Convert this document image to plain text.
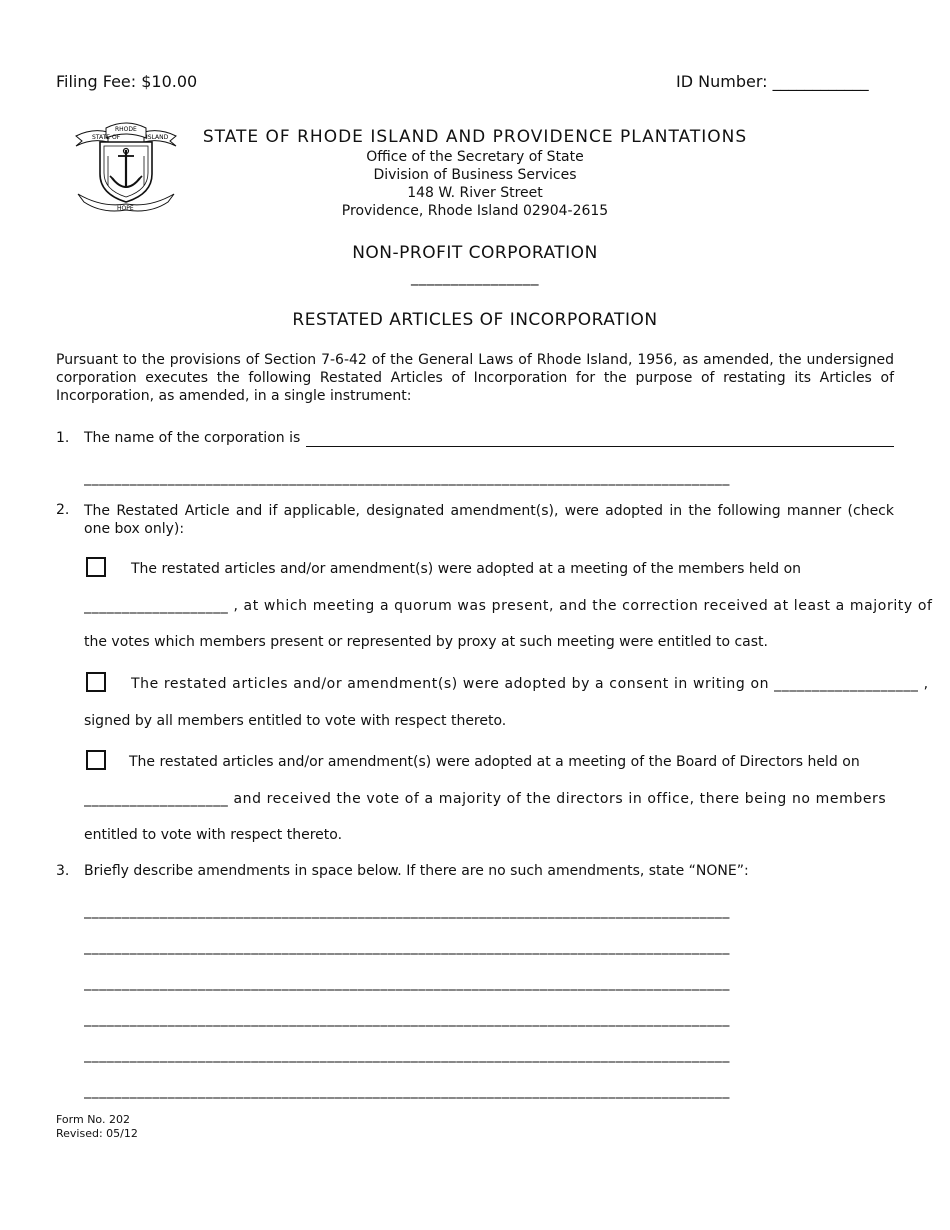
Filing Fee: $10.00	ID Number: ____________
STATE OF
RHODE
ISLAND
HOPE
STATE OF RHODE ISLAND AND PROVIDENCE PLANTATIONS
Office of the Secretary of State
Division of Business Services
148 W. River Street
Providence, Rhode Island 02904-2615
NON-PROFIT CORPORATION
________________
RESTATED ARTICLES OF INCORPORATION
Pursuant to the provisions of Section 7-6-42 of the General Laws of Rhode Island, 1956, as amended, the undersigned corporation executes the following Restated Articles of Incorporation for the purpose of restating its Articles of Incorporation, as amended, in a single instrument:
1. The name of the corporation is
_____________________________________________________________________________________
2. The Restated Article and if applicable, designated amendment(s), were adopted in the following manner (check one box only):
The restated articles and/or amendment(s) were adopted at a meeting of the members held on
___________________ , at which meeting a quorum was present, and the correction received at least a majority of
the votes which members present or represented by proxy at such meeting were entitled to cast.
The restated articles and/or amendment(s) were adopted by a consent in writing on ___________________ ,
signed by all members entitled to vote with respect thereto.
The restated articles and/or amendment(s) were adopted at a meeting of the Board of Directors held on
___________________ and received the vote of a majority of the directors in office, there being no members
entitled to vote with respect thereto.
3. Briefly describe amendments in space below. If there are no such amendments, state “NONE”:
_____________________________________________________________________________________
_____________________________________________________________________________________
_____________________________________________________________________________________
_____________________________________________________________________________________
_____________________________________________________________________________________
_____________________________________________________________________________________
Form No. 202
Revised: 05/12
